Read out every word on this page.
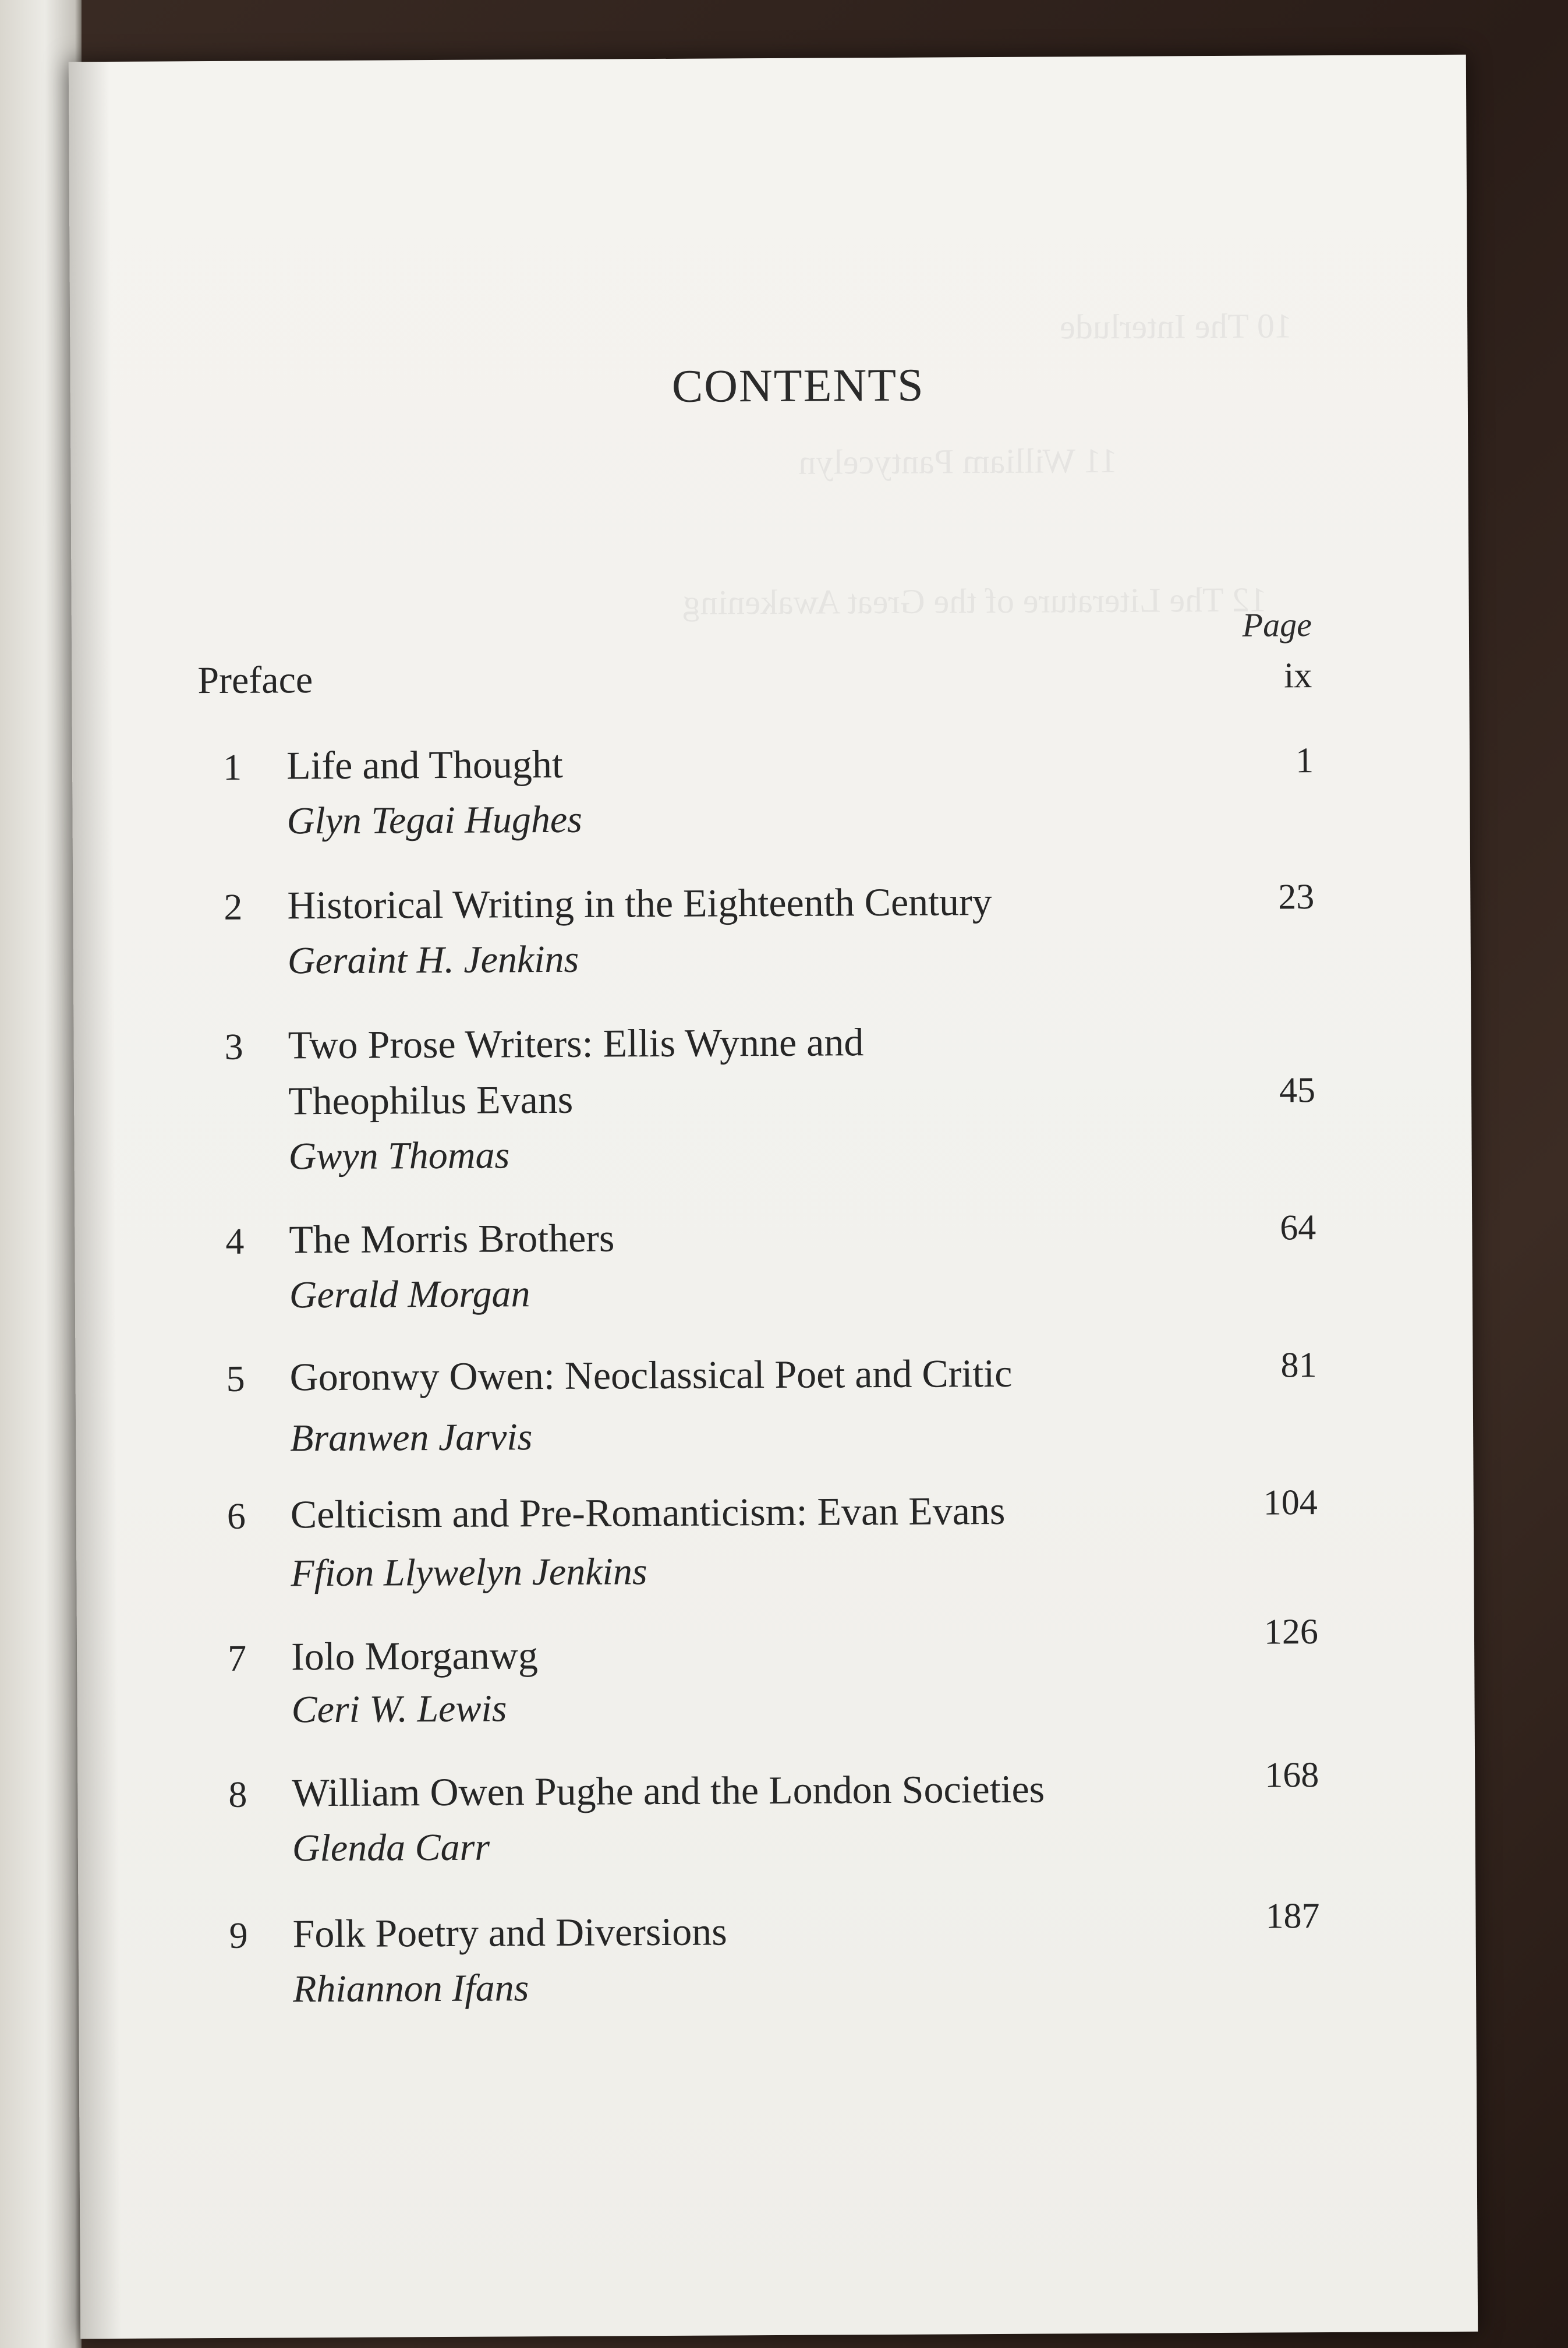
10 The Interlude
11 William Pantycelyn
12 The Literature of the Great Awakening
CONTENTS
Page
Preface	ix
1 Life and Thought
Glyn Tegai Hughes
1
2 Historical Writing in the Eighteenth Century
Geraint H. Jenkins
23
3 Two Prose Writers: Ellis Wynne and
Theophilus Evans
Gwyn Thomas
45
4 The Morris Brothers
Gerald Morgan
64
5 Goronwy Owen: Neoclassical Poet and Critic
Branwen Jarvis
81
6 Celticism and Pre-Romanticism: Evan Evans
Ffion Llywelyn Jenkins
104
7 Iolo Morganwg
Ceri W. Lewis
126
8 William Owen Pughe and the London Societies
Glenda Carr
168
9 Folk Poetry and Diversions
Rhiannon Ifans
187
